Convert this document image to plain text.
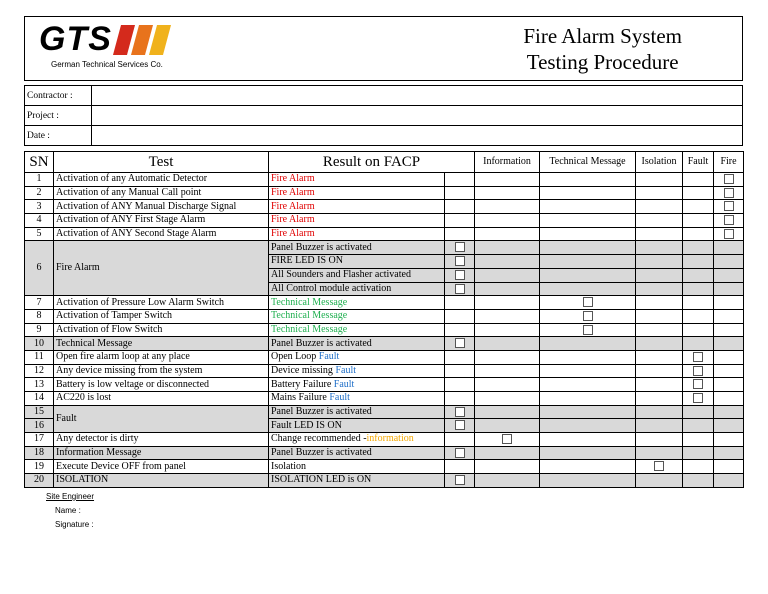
GTS
German Technical Services Co.
Fire Alarm System
Testing Procedure
Contractor :	
Project :	
Date :	
SN	Test	Result on FACP		Information	Technical Message	Isolation	Fault	Fire
1	Activation of any Automatic Detector	Fire Alarm						
2	Activation of any Manual Call point	Fire Alarm						
3	Activation of ANY Manual Discharge Signal	Fire Alarm						
4	Activation of ANY First Stage Alarm	Fire Alarm						
5	Activation of ANY Second Stage Alarm	Fire Alarm						
6	Fire Alarm	Panel Buzzer is activated						
		FIRE LED IS ON						
		All Sounders and Flasher activated						
		All Control module activation						
7	Activation of Pressure Low Alarm Switch	Technical Message						
8	Activation of Tamper Switch	Technical Message						
9	Activation of Flow Switch	Technical Message						
10	Technical Message	Panel Buzzer is activated						
11	Open fire alarm loop at any place	Open Loop Fault						
12	Any device missing from the system	Device missing Fault						
13	Battery is low veltage or disconnected	Battery Failure Fault						
14	AC220 is lost	Mains Failure Fault						
15	Fault	Panel Buzzer is activated						
16		Fault LED IS ON						
17	Any detector is dirty	Change recommended -information						
18	Information Message	Panel Buzzer is activated						
19	Execute Device OFF from panel	Isolation						
20	ISOLATION	ISOLATION LED is ON						
Site Engineer
Name :
Signature :
